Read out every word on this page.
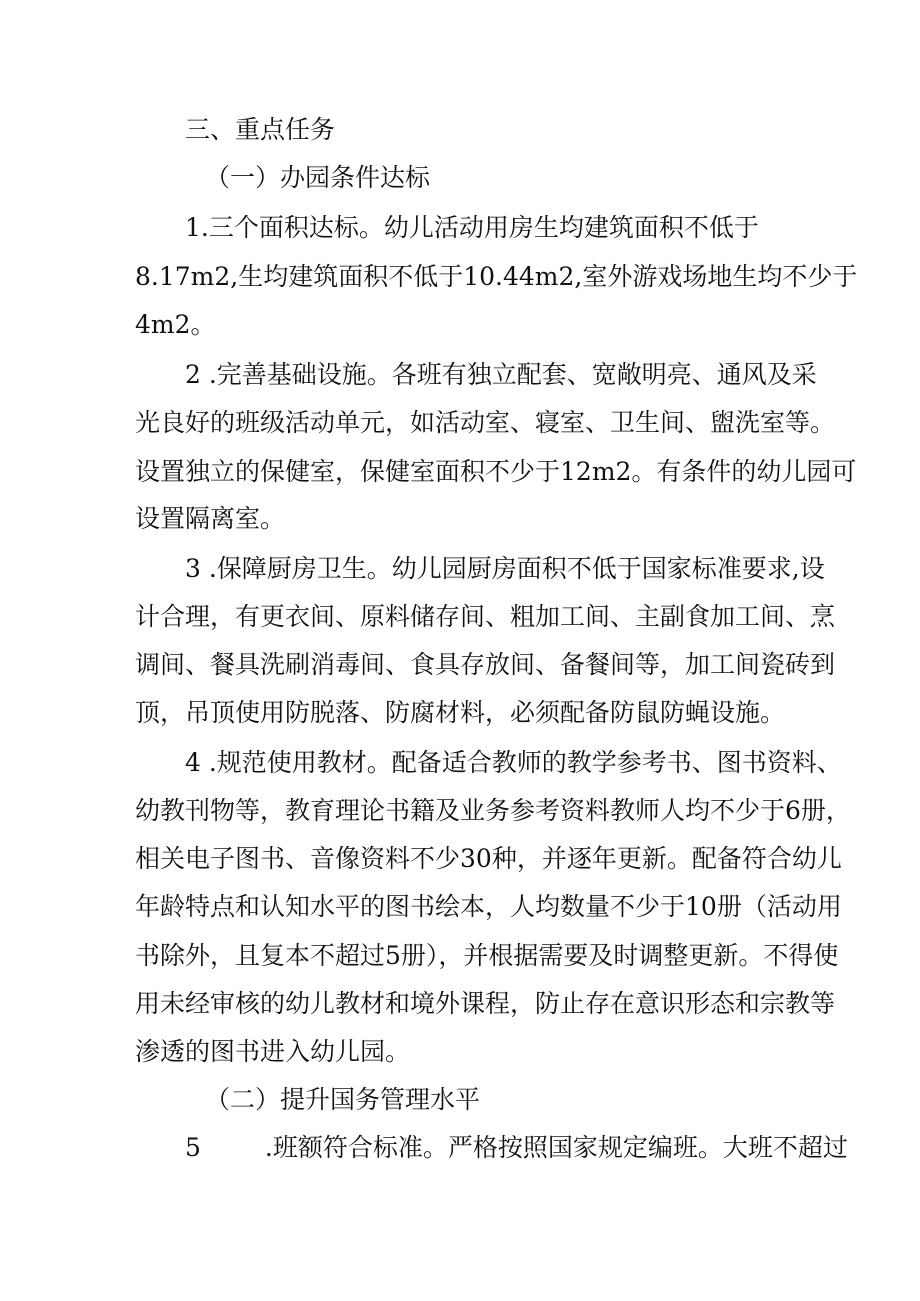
三、重点任务
（一）办园条件达标
1.三个面积达标。幼儿活动用房生均建筑面积不低于
8.17m2,生均建筑面积不低于10.44m2,室外游戏场地生均不少于
4m2。
2 .完善基础设施。各班有独立配套、宽敞明亮、通风及采
光良好的班级活动单元，如活动室、寝室、卫生间、盥洗室等。
设置独立的保健室，保健室面积不少于12m2。有条件的幼儿园可
设置隔离室。
3 .保障厨房卫生。幼儿园厨房面积不低于国家标准要求,设
计合理，有更衣间、原料储存间、粗加工间、主副食加工间、烹
调间、餐具洗刷消毒间、食具存放间、备餐间等，加工间瓷砖到
顶，吊顶使用防脱落、防腐材料，必须配备防鼠防蝇设施。
4 .规范使用教材。配备适合教师的教学参考书、图书资料、
幼教刊物等，教育理论书籍及业务参考资料教师人均不少于6册，
相关电子图书、音像资料不少30种，并逐年更新。配备符合幼儿
年龄特点和认知水平的图书绘本，人均数量不少于10册（活动用
书除外，且复本不超过5册），并根据需要及时调整更新。不得使
用未经审核的幼儿教材和境外课程，防止存在意识形态和宗教等
渗透的图书进入幼儿园。
（二）提升国务管理水平
5	.班额符合标准。严格按照国家规定编班。大班不超过
